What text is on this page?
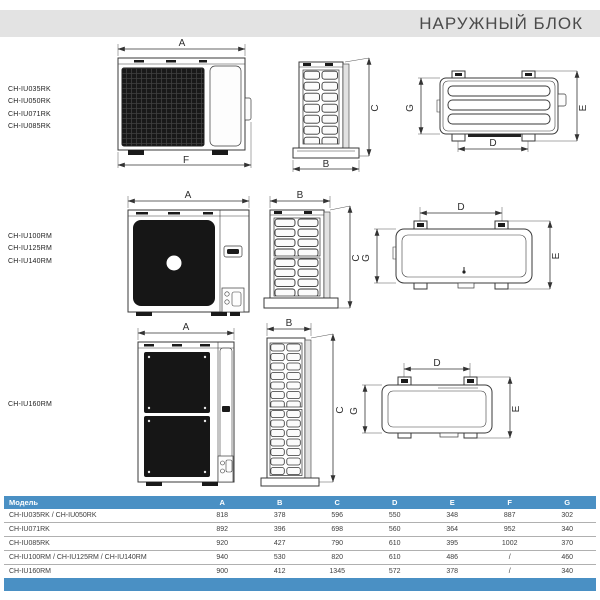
НАРУЖНЫЙ БЛОК
CH-IU035RK
CH-IU050RK
CH-IU071RK
CH-IU085RK
A
F	B
C G	E
D
CH-IU100RM
CH-IU125RM
CH-IU140RM
A	B
C
D
G	E
CH-IU160RM
A	B
C
D
G	E
Модель	A	B	C	D	E	F	G
CH-IU035RK / CH-IU050RK	818	378	596	550	348	887	302
CH-IU071RK	892	396	698	560	364	952	340
CH-IU085RK	920	427	790	610	395	1002	370
CH-IU100RM / CH-IU125RM / CH-IU140RM	940	530	820	610	486	/	460
CH-IU160RM	900	412	1345	572	378	/	340
